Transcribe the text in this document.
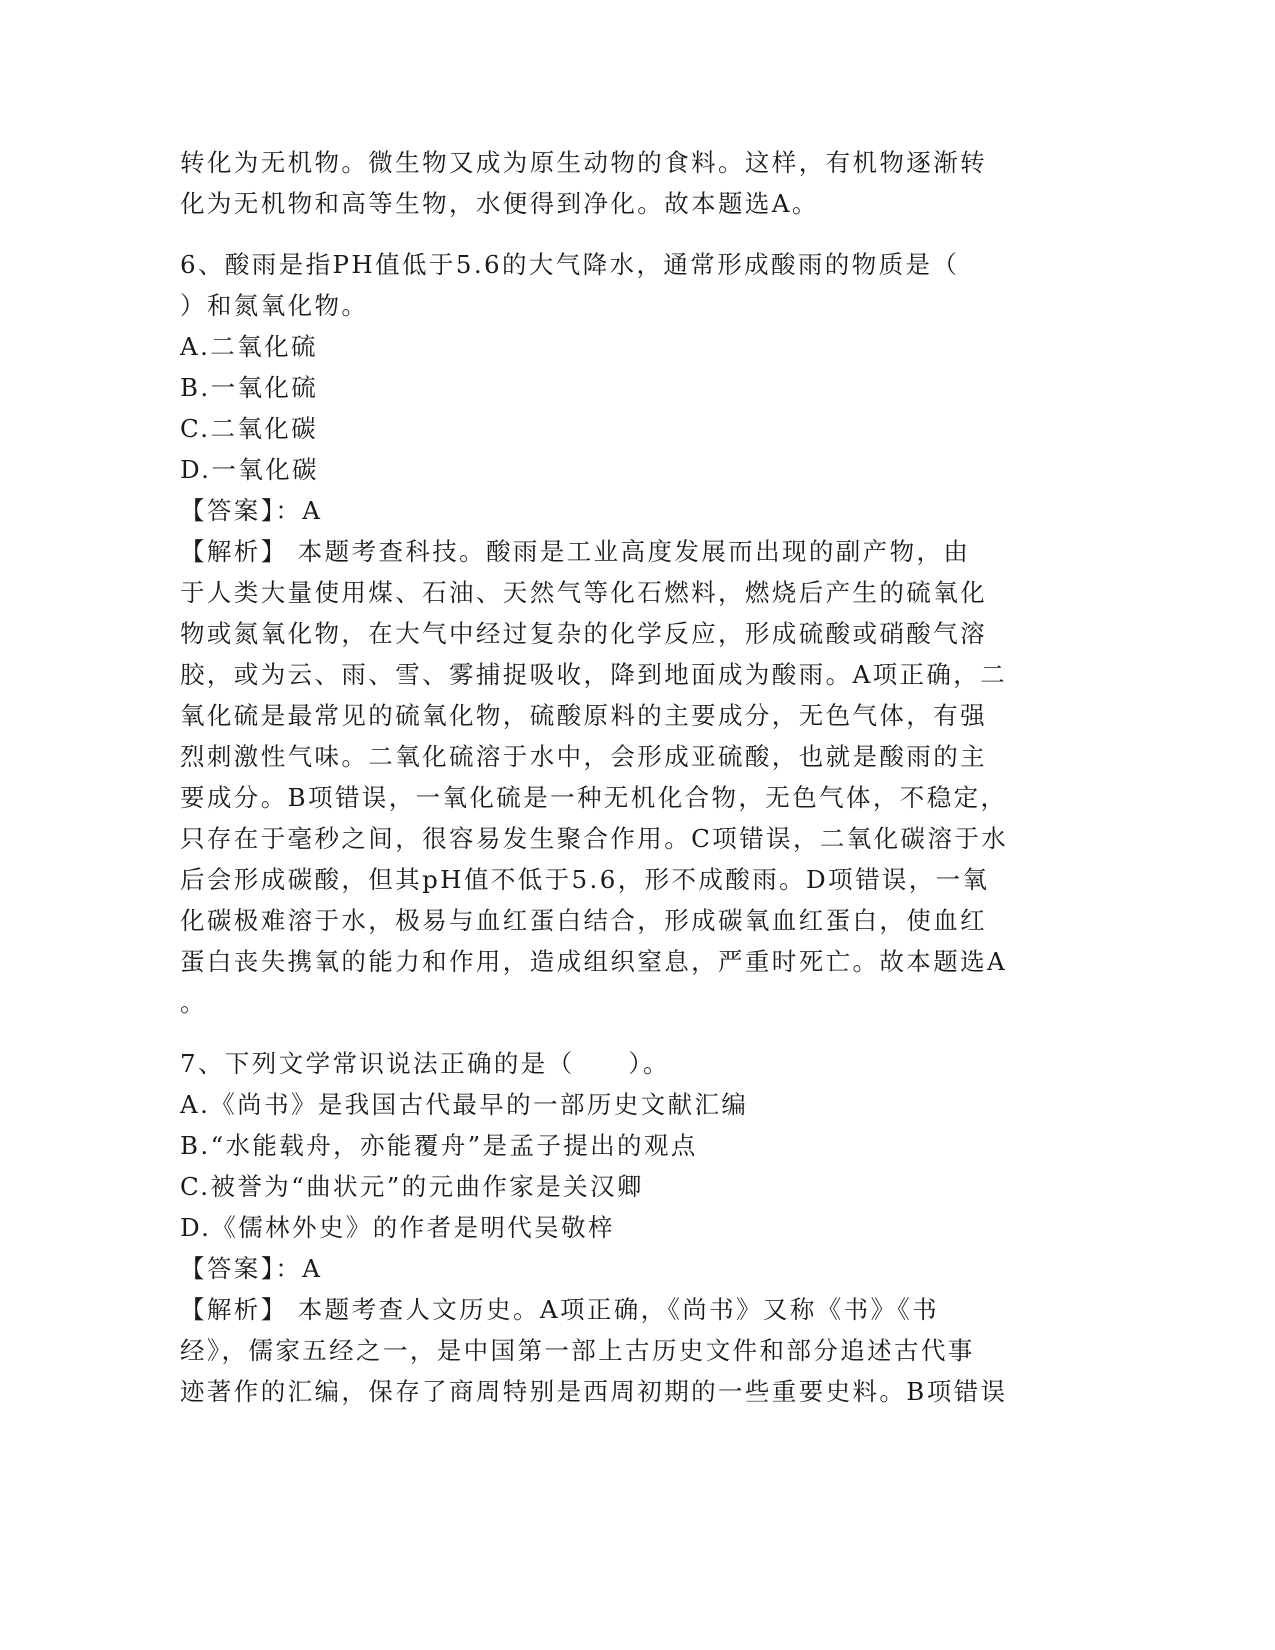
转化为无机物。微生物又成为原生动物的食料。这样，有机物逐渐转
化为无机物和高等生物，水便得到净化。故本题选A。
6、酸雨是指PH值低于5.6的大气降水，通常形成酸雨的物质是（
）和氮氧化物。
A.二氧化硫
B.一氧化硫
C.二氧化碳
D.一氧化碳
【答案】：A
【解析】 本题考查科技。酸雨是工业高度发展而出现的副产物，由
于人类大量使用煤、石油、天然气等化石燃料，燃烧后产生的硫氧化
物或氮氧化物，在大气中经过复杂的化学反应，形成硫酸或硝酸气溶
胶，或为云、雨、雪、雾捕捉吸收，降到地面成为酸雨。A项正确，二
氧化硫是最常见的硫氧化物，硫酸原料的主要成分，无色气体，有强
烈刺激性气味。二氧化硫溶于水中，会形成亚硫酸，也就是酸雨的主
要成分。B项错误，一氧化硫是一种无机化合物，无色气体，不稳定，
只存在于毫秒之间，很容易发生聚合作用。C项错误，二氧化碳溶于水
后会形成碳酸，但其pH值不低于5.6，形不成酸雨。D项错误，一氧
化碳极难溶于水，极易与血红蛋白结合，形成碳氧血红蛋白，使血红
蛋白丧失携氧的能力和作用，造成组织窒息，严重时死亡。故本题选A
。
7、下列文学常识说法正确的是（　　）。
A.《尚书》是我国古代最早的一部历史文献汇编
B.“水能载舟，亦能覆舟”是孟子提出的观点
C.被誉为“曲状元”的元曲作家是关汉卿
D.《儒林外史》的作者是明代吴敬梓
【答案】：A
【解析】 本题考查人文历史。A项正确，《尚书》又称《书》《书
经》，儒家五经之一，是中国第一部上古历史文件和部分追述古代事
迹著作的汇编，保存了商周特别是西周初期的一些重要史料。B项错误
